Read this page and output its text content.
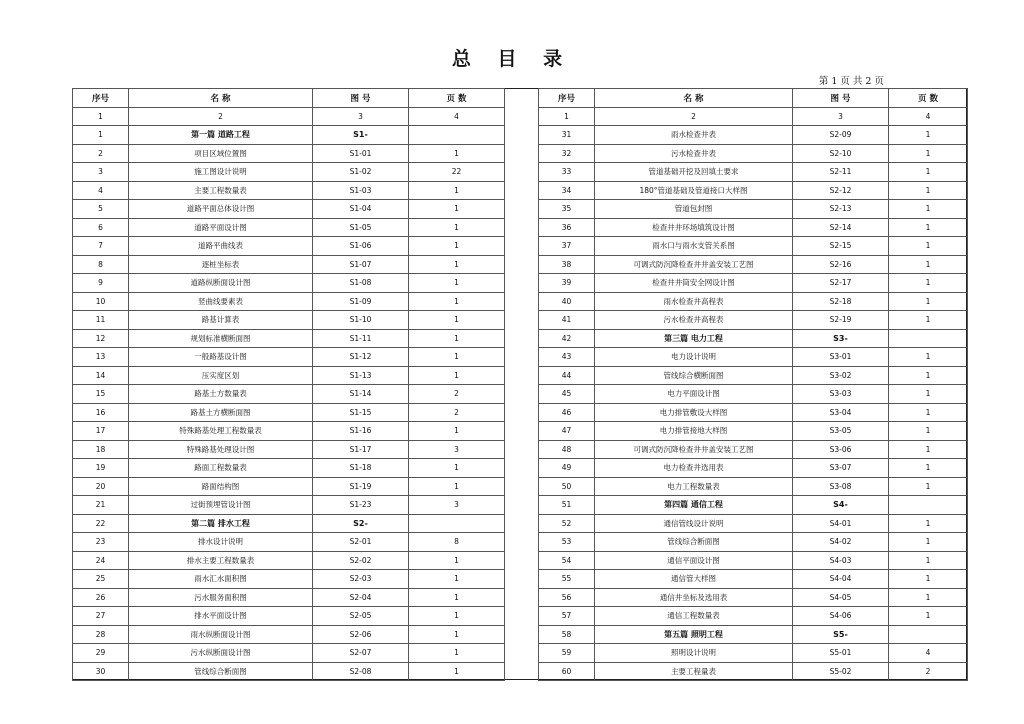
总 目 录
第 1 页 共 2 页
序号	名 称	图 号	页 数
1	2	3	4
1	第一篇 道路工程	S1-	
2	项目区域位置图	S1-01	1
3	施工图设计说明	S1-02	22
4	主要工程数量表	S1-03	1
5	道路平面总体设计图	S1-04	1
6	道路平面设计图	S1-05	1
7	道路平曲线表	S1-06	1
8	逐桩坐标表	S1-07	1
9	道路纵断面设计图	S1-08	1
10	竖曲线要素表	S1-09	1
11	路基计算表	S1-10	1
12	规划标准横断面图	S1-11	1
13	一般路基设计图	S1-12	1
14	压实度区划	S1-13	1
15	路基土方数量表	S1-14	2
16	路基土方横断面图	S1-15	2
17	特殊路基处理工程数量表	S1-16	1
18	特殊路基处理设计图	S1-17	3
19	路面工程数量表	S1-18	1
20	路面结构图	S1-19	1
21	过街预埋管设计图	S1-23	3
22	第二篇 排水工程	S2-	
23	排水设计说明	S2-01	8
24	排水主要工程数量表	S2-02	1
25	雨水汇水面积图	S2-03	1
26	污水服务面积图	S2-04	1
27	排水平面设计图	S2-05	1
28	雨水纵断面设计图	S2-06	1
29	污水纵断面设计图	S2-07	1
30	管线综合断面图	S2-08	1
序号	名 称	图 号	页 数
1	2	3	4
31	雨水检查井表	S2-09	1
32	污水检查井表	S2-10	1
33	管道基础开挖及回填土要求	S2-11	1
34	180°管道基础及管道接口大样图	S2-12	1
35	管道包封图	S2-13	1
36	检查井井环场填筑设计图	S2-14	1
37	雨水口与雨水支管关系图	S2-15	1
38	可调式防沉降检查井井盖安装工艺图	S2-16	1
39	检查井井筒安全网设计图	S2-17	1
40	雨水检查井高程表	S2-18	1
41	污水检查井高程表	S2-19	1
42	第三篇 电力工程	S3-	
43	电力设计说明	S3-01	1
44	管线综合横断面图	S3-02	1
45	电力平面设计图	S3-03	1
46	电力排管敷设大样图	S3-04	1
47	电力排管接地大样图	S3-05	1
48	可调式防沉降检查井井盖安装工艺图	S3-06	1
49	电力检查井选用表	S3-07	1
50	电力工程数量表	S3-08	1
51	第四篇 通信工程	S4-	
52	通信管线设计说明	S4-01	1
53	管线综合断面图	S4-02	1
54	通信平面设计图	S4-03	1
55	通信管大样图	S4-04	1
56	通信井坐标及选用表	S4-05	1
57	通信工程数量表	S4-06	1
58	第五篇 照明工程	S5-	
59	照明设计说明	S5-01	4
60	主要工程量表	S5-02	2
